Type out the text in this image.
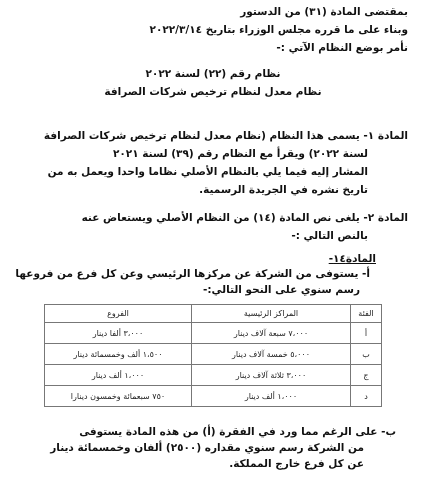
بمقتضى المادة (٣١) من الدستور
وبناء على ما قرره مجلس الوزراء بتاريخ ٢٠٢٢/٣/١٤
نأمر بوضع النظام الآتي :-
نظام رقم (٢٢) لسنة ٢٠٢٢
نظام معدل لنظام ترخيص شركات الصرافة
المادة ١- يسمى هذا النظام (نظام معدل لنظام ترخيص شركات الصرافة
لسنة ٢٠٢٢) ويقرأ مع النظام رقم (٣٩) لسنة ٢٠٢١
المشار إليه فيما يلي بالنظام الأصلي نظاما واحدا ويعمل به من
تاريخ نشره في الجريدة الرسمية.
المادة ٢- يلغى نص المادة (١٤) من النظام الأصلي ويستعاض عنه
بالنص التالي :-
المادة١٤-
أ- يستوفى من الشركة عن مركزها الرئيسي وعن كل فرع من فروعها
رسم سنوي على النحو التالي:-
الفئة	المراكز الرئيسية	الفروع
أ	٧،٠٠٠ سبعة آلاف دينار	٣،٠٠٠ ألفا دينار
ب	٥،٠٠٠ خمسة آلاف دينار	١،٥٠٠ ألف وخمسمائة دينار
ج	٣،٠٠٠ ثلاثة آلاف دينار	١،٠٠٠ ألف دينار
د	١،٠٠٠ ألف دينار	٧٥٠ سبعمائة وخمسون دينارا
ب- على الرغم مما ورد في الفقرة (أ) من هذه المادة يستوفى
من الشركة رسم سنوي مقداره (٢٥٠٠) ألفان وخمسمائة دينار
عن كل فرع خارج المملكة.
